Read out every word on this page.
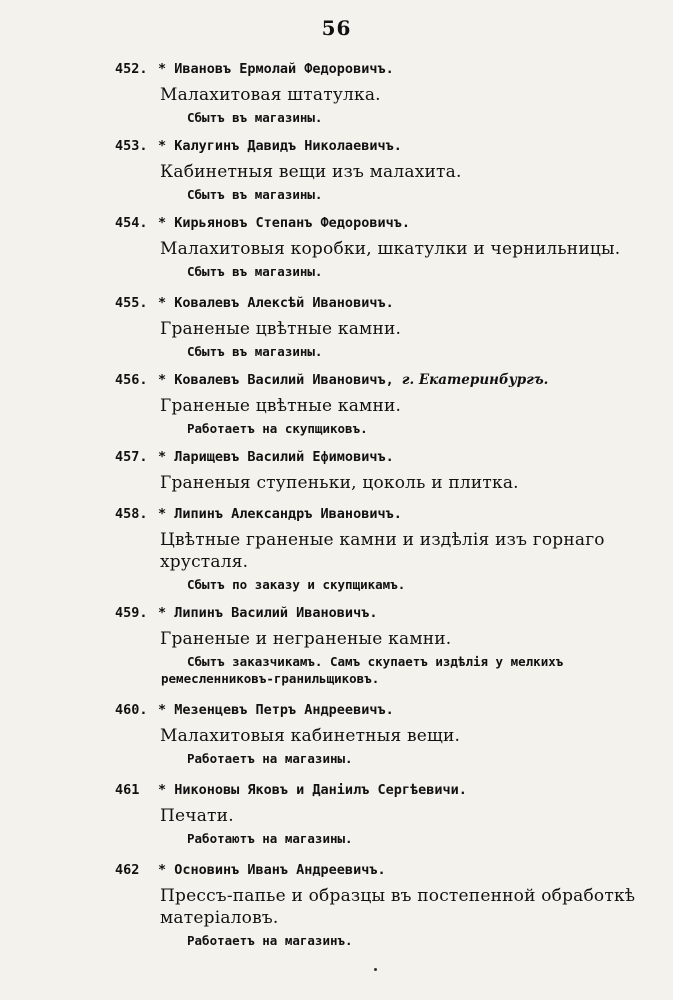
56
452. * Ивановъ Ермолай Федоровичъ.
Малахитовая штатулка.
Сбытъ въ магазины.
453. * Калугинъ Давидъ Николаевичъ.
Кабинетныя вещи изъ малахита.
Сбытъ въ магазины.
454. * Кирьяновъ Степанъ Федоровичъ.
Малахитовыя коробки, шкатулки и чернильницы.
Сбытъ въ магазины.
455. * Ковалевъ Алексѣй Ивановичъ.
Граненые цвѣтные камни.
Сбытъ въ магазины.
456. * Ковалевъ Василий Ивановичъ, г. Екатеринбургъ.
Граненые цвѣтные камни.
Работаетъ на скупщиковъ.
457. * Ларищевъ Василий Ефимовичъ.
Граненыя ступеньки, цоколь и плитка.
458. * Липинъ Александръ Ивановичъ.
Цвѣтные граненые камни и издѣлія изъ горнаго хрусталя.
Сбытъ по заказу и скупщикамъ.
459. * Липинъ Василий Ивановичъ.
Граненые и неграненые камни.
Сбытъ заказчикамъ. Самъ скупаетъ издѣлія у мелкихъ
ремесленниковъ-гранильщиковъ.
460. * Мезенцевъ Петръ Андреевичъ.
Малахитовыя кабинетныя вещи.
Работаетъ на магазины.
461 * Никоновы Яковъ и Даніилъ Сергѣевичи.
Печати.
Работаютъ на магазины.
462 * Основинъ Иванъ Андреевичъ.
Прессъ-папье и образцы въ постепенной обработкѣ матеріаловъ.
Работаетъ на магазинъ.
